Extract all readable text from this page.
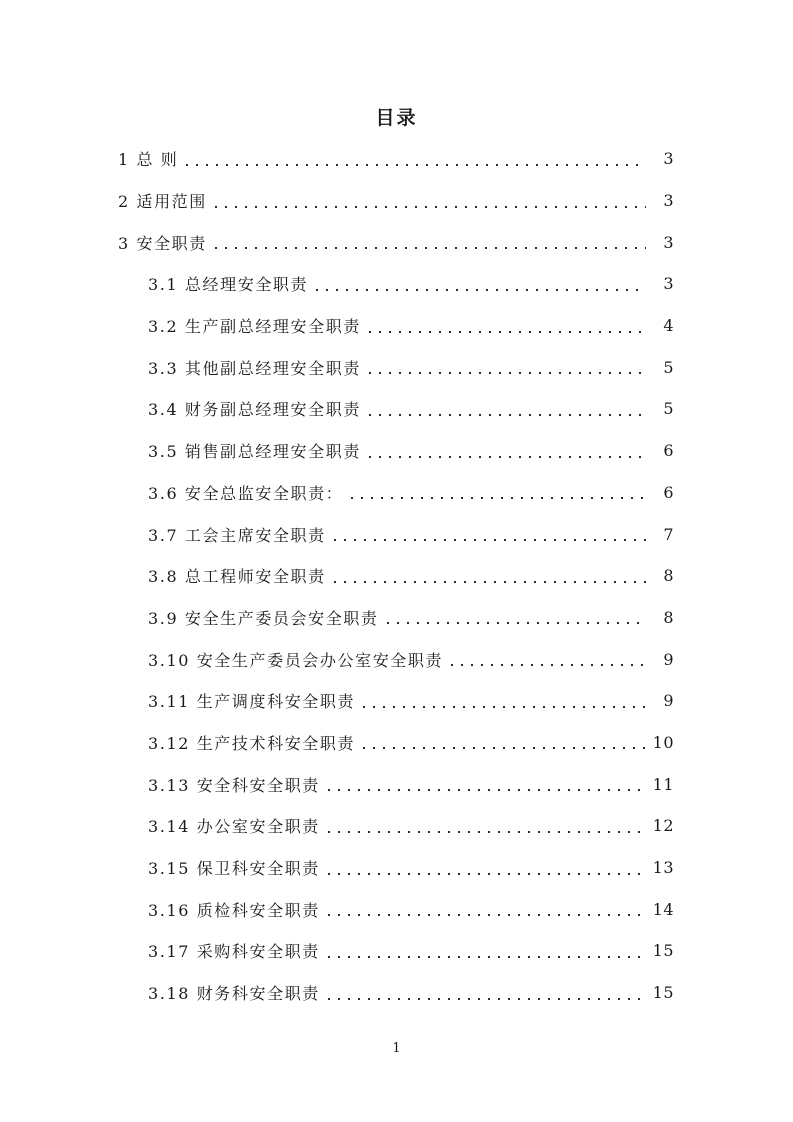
目录
1 总 则	3
2 适用范围	3
3 安全职责	3
3.1 总经理安全职责	3
3.2 生产副总经理安全职责	4
3.3 其他副总经理安全职责	5
3.4 财务副总经理安全职责	5
3.5 销售副总经理安全职责	6
3.6 安全总监安全职责：	6
3.7 工会主席安全职责	7
3.8 总工程师安全职责	8
3.9 安全生产委员会安全职责	8
3.10 安全生产委员会办公室安全职责	9
3.11 生产调度科安全职责	9
3.12 生产技术科安全职责	10
3.13 安全科安全职责	11
3.14 办公室安全职责	12
3.15 保卫科安全职责	13
3.16 质检科安全职责	14
3.17 采购科安全职责	15
3.18 财务科安全职责	15
1
